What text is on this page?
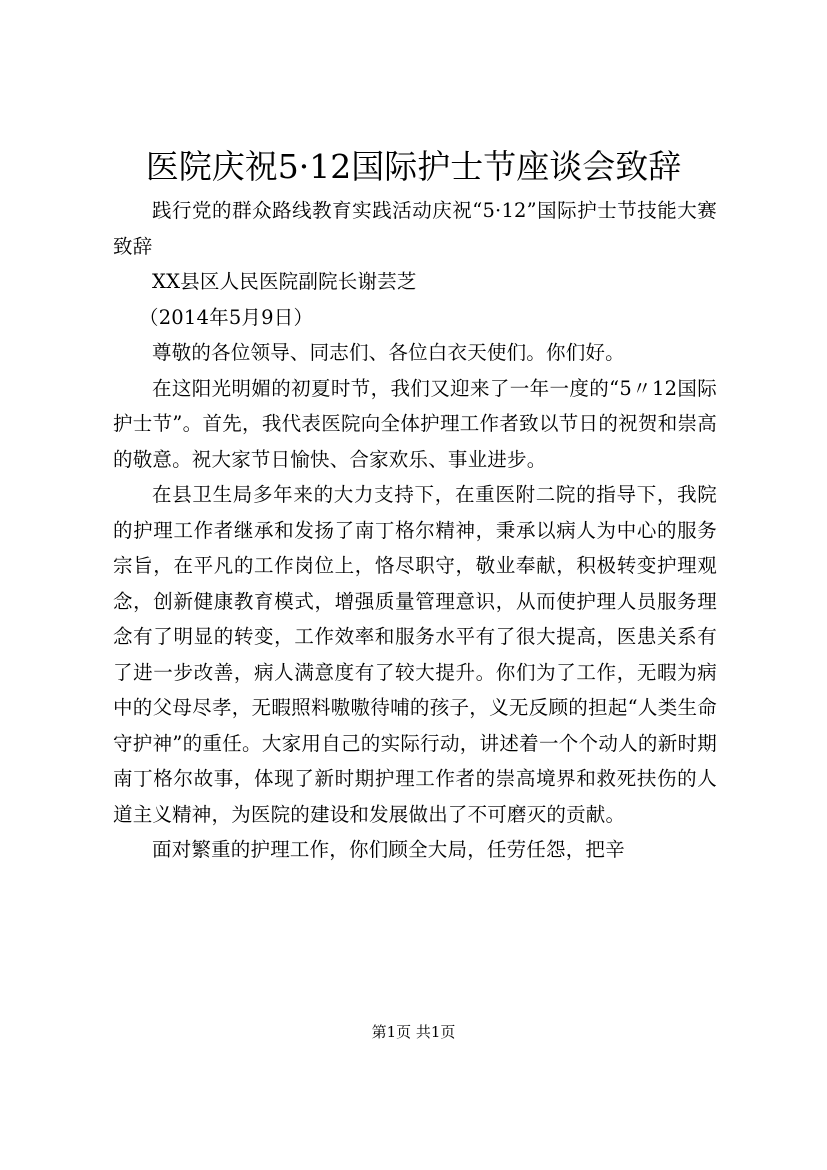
医院庆祝5·12国际护士节座谈会致辞

践行党的群众路线教育实践活动庆祝“5·12”国际护士节技能大赛致辞

XX县区人民医院副院长谢芸芝

（2014年5月9日）

尊敬的各位领导、同志们、各位白衣天使们。你们好。

在这阳光明媚的初夏时节，我们又迎来了一年一度的“5〃12国际护士节”。首先，我代表医院向全体护理工作者致以节日的祝贺和崇高的敬意。祝大家节日愉快、合家欢乐、事业进步。

在县卫生局多年来的大力支持下，在重医附二院的指导下，我院的护理工作者继承和发扬了南丁格尔精神，秉承以病人为中心的服务宗旨，在平凡的工作岗位上，恪尽职守，敬业奉献，积极转变护理观念，创新健康教育模式，增强质量管理意识，从而使护理人员服务理念有了明显的转变，工作效率和服务水平有了很大提高，医患关系有了进一步改善，病人满意度有了较大提升。你们为了工作，无暇为病中的父母尽孝，无暇照料嗷嗷待哺的孩子，义无反顾的担起“人类生命守护神”的重任。大家用自己的实际行动，讲述着一个个动人的新时期南丁格尔故事，体现了新时期护理工作者的崇高境界和救死扶伤的人道主义精神，为医院的建设和发展做出了不可磨灭的贡献。

面对繁重的护理工作，你们顾全大局，任劳任怨，把辛

第1页 共1页
